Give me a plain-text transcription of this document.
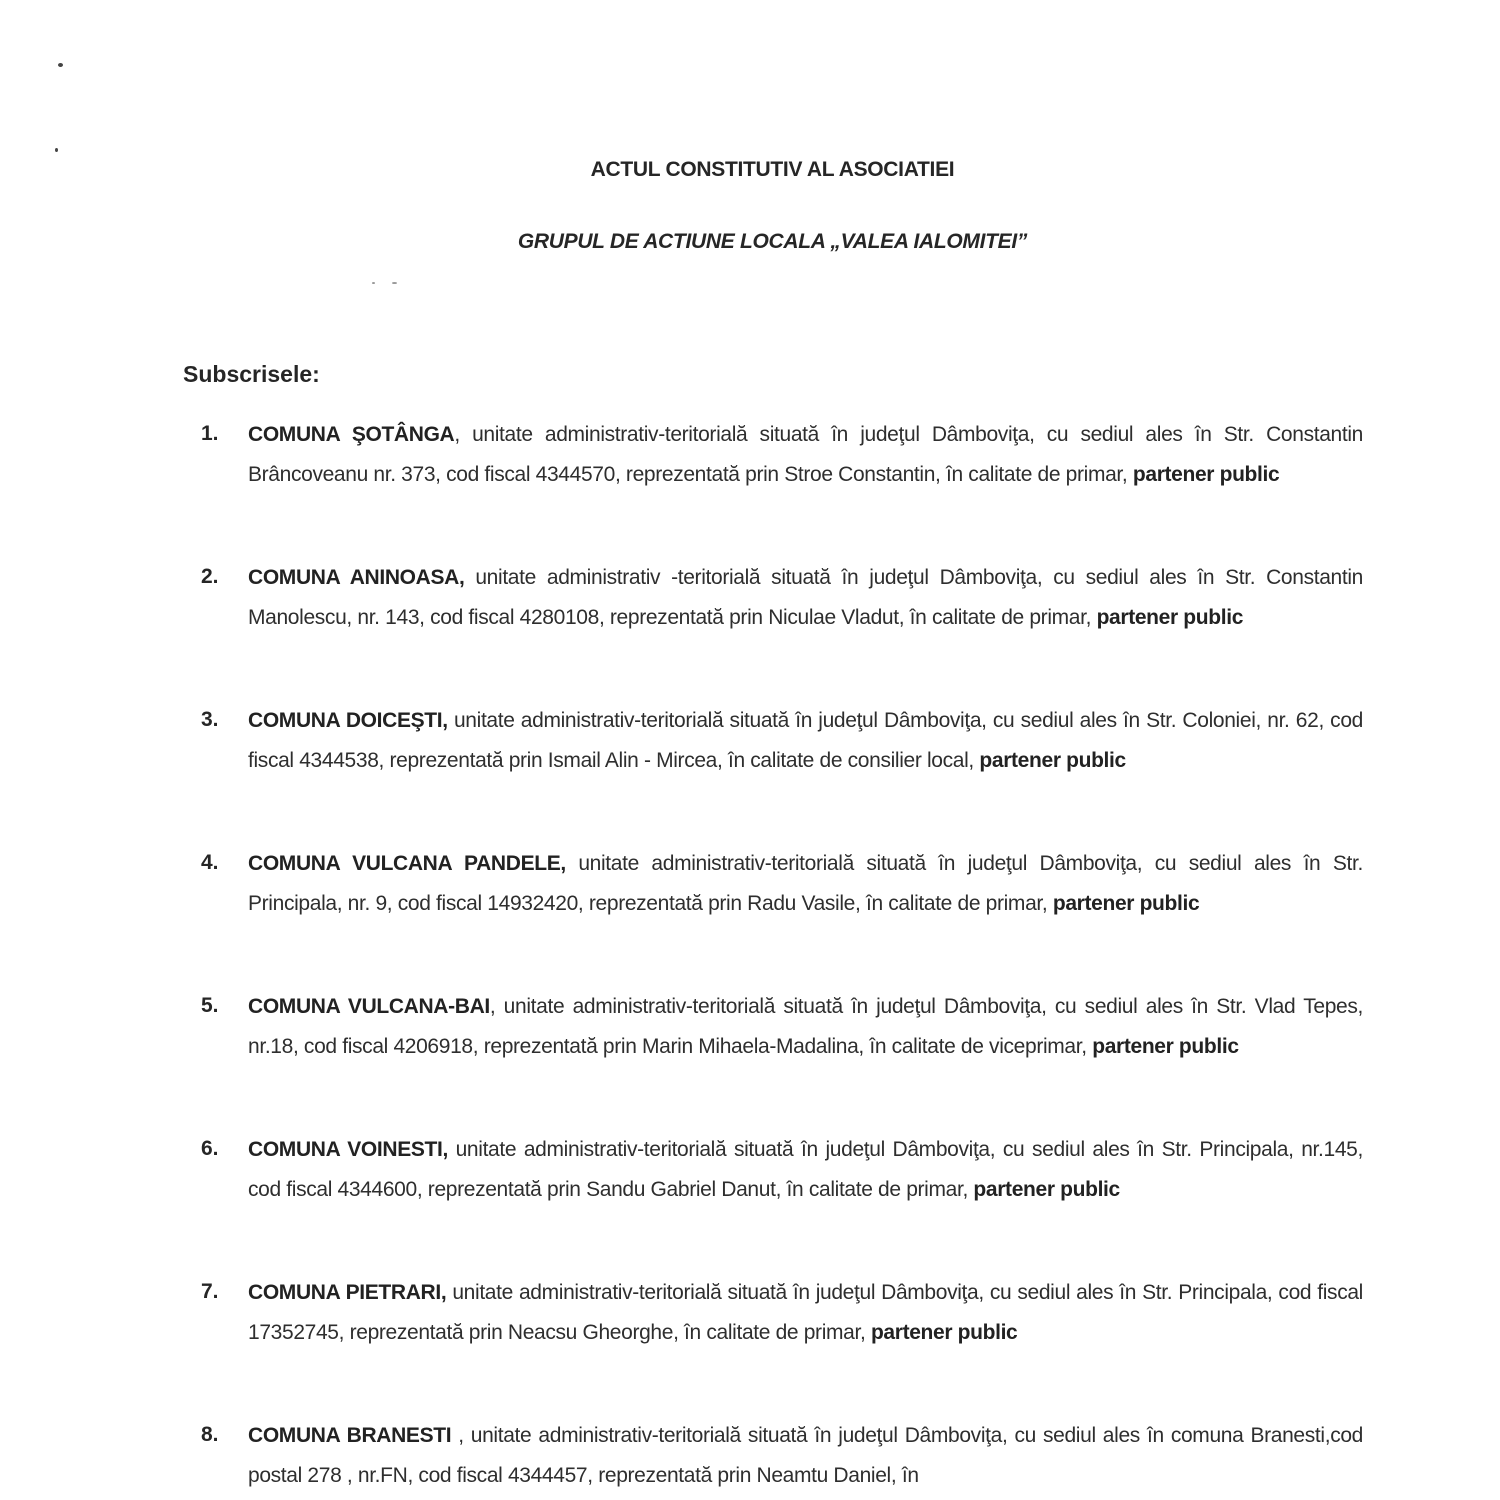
ACTUL CONSTITUTIV AL ASOCIATIEI
GRUPUL DE ACTIUNE LOCALA „VALEA IALOMITEI”
Subscrisele:
1. COMUNA ŞOTÂNGA, unitate administrativ-teritorială situată în judeţul Dâmboviţa, cu sediul ales în Str. Constantin Brâncoveanu nr. 373, cod fiscal 4344570, reprezentată prin Stroe Constantin, în calitate de primar, partener public
2. COMUNA ANINOASA, unitate administrativ -teritorială situată în judeţul Dâmboviţa, cu sediul ales în Str. Constantin Manolescu, nr. 143, cod fiscal 4280108, reprezentată prin Niculae Vladut, în calitate de primar, partener public
3. COMUNA DOICEŞTI, unitate administrativ-teritorială situată în judeţul Dâmboviţa, cu sediul ales în Str. Coloniei, nr. 62, cod fiscal 4344538, reprezentată prin Ismail Alin - Mircea, în calitate de consilier local, partener public
4. COMUNA VULCANA PANDELE, unitate administrativ-teritorială situată în judeţul Dâmboviţa, cu sediul ales în Str. Principala, nr. 9, cod fiscal 14932420, reprezentată prin Radu Vasile, în calitate de primar, partener public
5. COMUNA VULCANA-BAI, unitate administrativ-teritorială situată în judeţul Dâmboviţa, cu sediul ales în Str. Vlad Tepes, nr.18, cod fiscal 4206918, reprezentată prin Marin Mihaela-Madalina, în calitate de viceprimar, partener public
6. COMUNA VOINESTI, unitate administrativ-teritorială situată în judeţul Dâmboviţa, cu sediul ales în Str. Principala, nr.145, cod fiscal 4344600, reprezentată prin Sandu Gabriel Danut, în calitate de primar, partener public
7. COMUNA PIETRARI, unitate administrativ-teritorială situată în judeţul Dâmboviţa, cu sediul ales în Str. Principala, cod fiscal 17352745, reprezentată prin Neacsu Gheorghe, în calitate de primar, partener public
8. COMUNA BRANESTI , unitate administrativ-teritorială situată în judeţul Dâmboviţa, cu sediul ales în comuna Branesti,cod postal 278 , nr.FN, cod fiscal 4344457, reprezentată prin Neamtu Daniel, în
